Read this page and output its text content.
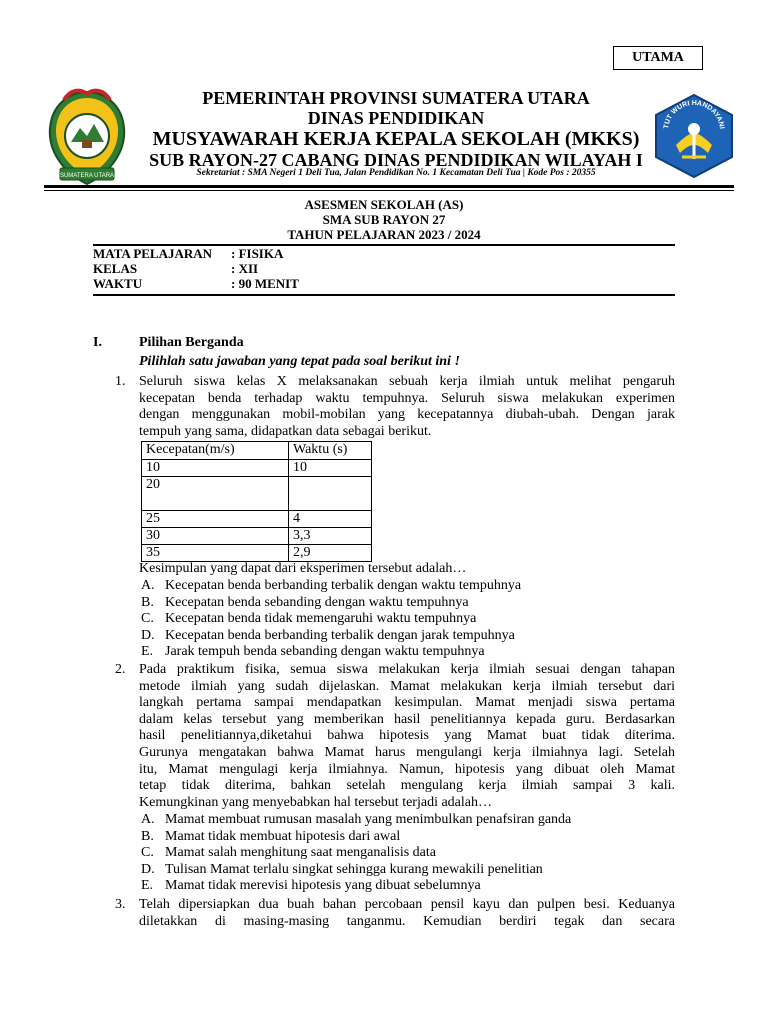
UTAMA
SUMATERA UTARA
TUT WURI HANDAYANI
PEMERINTAH PROVINSI SUMATERA UTARA
DINAS PENDIDIKAN
MUSYAWARAH KERJA KEPALA SEKOLAH (MKKS)
SUB RAYON-27 CABANG DINAS PENDIDIKAN WILAYAH I
Sekretariat : SMA Negeri 1 Deli Tua, Jalan Pendidikan No. 1 Kecamatan Deli Tua | Kode Pos : 20355
ASESMEN SEKOLAH (AS)
SMA SUB RAYON 27
TAHUN PELAJARAN 2023 / 2024
MATA PELAJARAN : FISIKA
KELAS	: XII
WAKTU	: 90 MENIT
I.	Pilihan Berganda
Pilihlah satu jawaban yang tepat pada soal berikut ini !
1. Seluruh siswa kelas X melaksanakan sebuah kerja ilmiah untuk melihat pengaruh
kecepatan benda terhadap waktu tempuhnya. Seluruh siswa melakukan experimen
dengan menggunakan mobil-mobilan yang kecepatannya diubah-ubah. Dengan jarak
tempuh yang sama, didapatkan data sebagai berikut.
Kecepatan(m/s)	Waktu (s)
10	10
20	
25	4
30	3,3
35	2,9
Kesimpulan yang dapat dari eksperimen tersebut adalah…
A. Kecepatan benda berbanding terbalik dengan waktu tempuhnya
B. Kecepatan benda sebanding dengan waktu tempuhnya
C. Kecepatan benda tidak memengaruhi waktu tempuhnya
D. Kecepatan benda berbanding terbalik dengan jarak tempuhnya
E. Jarak tempuh benda sebanding dengan waktu tempuhnya
2. Pada praktikum fisika, semua siswa melakukan kerja ilmiah sesuai dengan tahapan
metode ilmiah yang sudah dijelaskan. Mamat melakukan kerja ilmiah tersebut dari
langkah pertama sampai mendapatkan kesimpulan. Mamat menjadi siswa pertama
dalam kelas tersebut yang memberikan hasil penelitiannya kepada guru. Berdasarkan
hasil penelitiannya,diketahui bahwa hipotesis yang Mamat buat tidak diterima.
Gurunya mengatakan bahwa Mamat harus mengulangi kerja ilmiahnya lagi. Setelah
itu, Mamat mengulagi kerja ilmiahnya. Namun, hipotesis yang dibuat oleh Mamat
tetap tidak diterima, bahkan setelah mengulang kerja ilmiah sampai 3 kali.
Kemungkinan yang menyebabkan hal tersebut terjadi adalah…
A. Mamat membuat rumusan masalah yang menimbulkan penafsiran ganda
B. Mamat tidak membuat hipotesis dari awal
C. Mamat salah menghitung saat menganalisis data
D. Tulisan Mamat terlalu singkat sehingga kurang mewakili penelitian
E. Mamat tidak merevisi hipotesis yang dibuat sebelumnya
3. Telah dipersiapkan dua buah bahan percobaan pensil kayu dan pulpen besi. Keduanya
diletakkan di masing-masing tanganmu. Kemudian berdiri tegak dan secara
